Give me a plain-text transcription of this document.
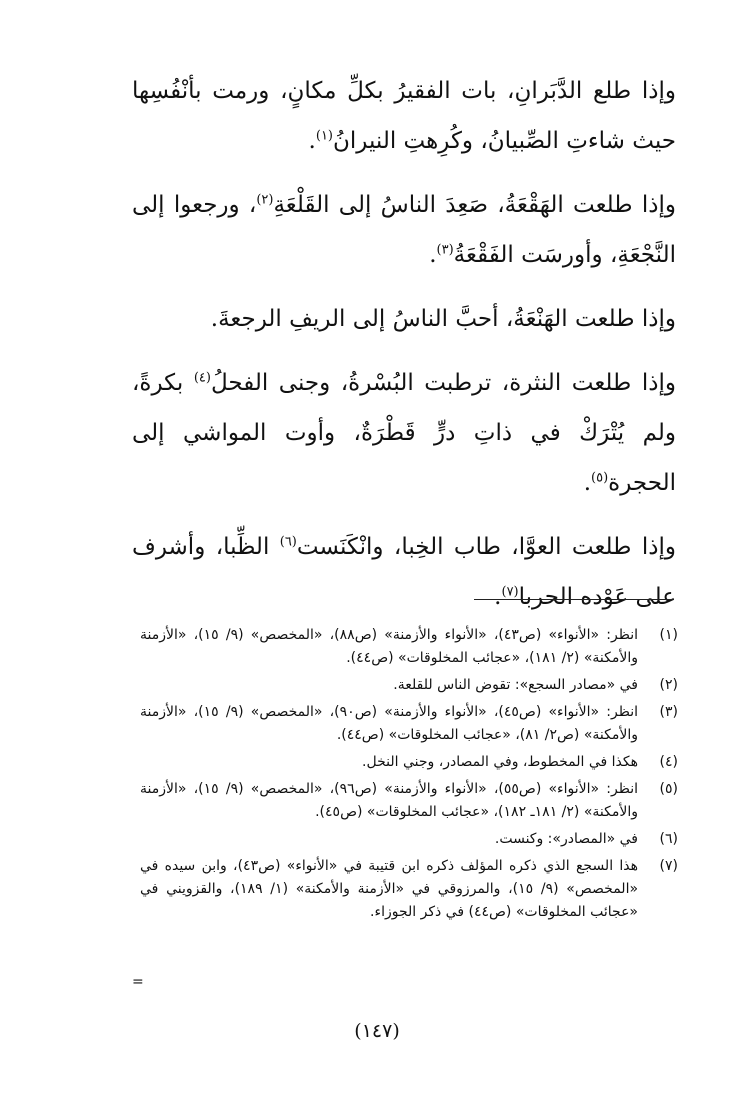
وإذا طلع الدَّبَرانِ، بات الفقيرُ بكلِّ مكانٍ، ورمت بأنْفُسِها حيث شاءتِ الصِّبيانُ، وكُرِهتِ النيرانُ$^{(١)}$.

وإذا طلعت الهَقْعَةُ، صَعِدَ الناسُ إلى القَلْعَةِ$^{(٢)}$، ورجعوا إلى النَّجْعَةِ، وأورسَت الفَقْعَةُ$^{(٣)}$.

وإذا طلعت الهَنْعَةُ، أحبَّ الناسُ إلى الريفِ الرجعةَ.

وإذا طلعت النثرة، ترطبت البُسْرةُ، وجنى الفحلُ$^{(٤)}$ بكرةً، ولم يُتْرَكْ في ذاتِ درٍّ قَطْرَةٌ، وأوت المواشي إلى الحجرة$^{(٥)}$.

وإذا طلعت العوَّا، طاب الخِبا، وانْكَنَست$^{(٦)}$ الظِّبا، وأشرف على عَوْده الحربا$^{(٧)}$.

(١)
انظر: «الأنواء» (ص٤٣)، «الأنواء والأزمنة» (ص٨٨)، «المخصص» (٩/ ١٥)، «الأزمنة والأمكنة» (٢/ ١٨١)، «عجائب المخلوقات» (ص٤٤).
(٢)
في «مصادر السجع»: تقوض الناس للقلعة.
(٣)
انظر: «الأنواء» (ص٤٥)، «الأنواء والأزمنة» (ص٩٠)، «المخصص» (٩/ ١٥)، «الأزمنة والأمكنة» (ص٢/ ٨١)، «عجائب المخلوقات» (ص٤٤).
(٤)
هكذا في المخطوط، وفي المصادر، وجني النخل.
(٥)
انظر: «الأنواء» (ص٥٥)، «الأنواء والأزمنة» (ص٩٦)، «المخصص» (٩/ ١٥)، «الأزمنة والأمكنة» (٢/ ١٨١ـ ١٨٢)، «عجائب المخلوقات» (ص٤٥).
(٦)
في «المصادر»: وكنست.
(٧)
هذا السجع الذي ذكره المؤلف ذكره ابن قتيبة في «الأنواء» (ص٤٣)، وابن سيده في «المخصص» (٩/ ١٥)، والمرزوقي في «الأزمنة والأمكنة» (١/ ١٨٩)، والقزويني في «عجائب المخلوقات» (ص٤٤) في ذكر الجوزاء.
=
(١٤٧)
